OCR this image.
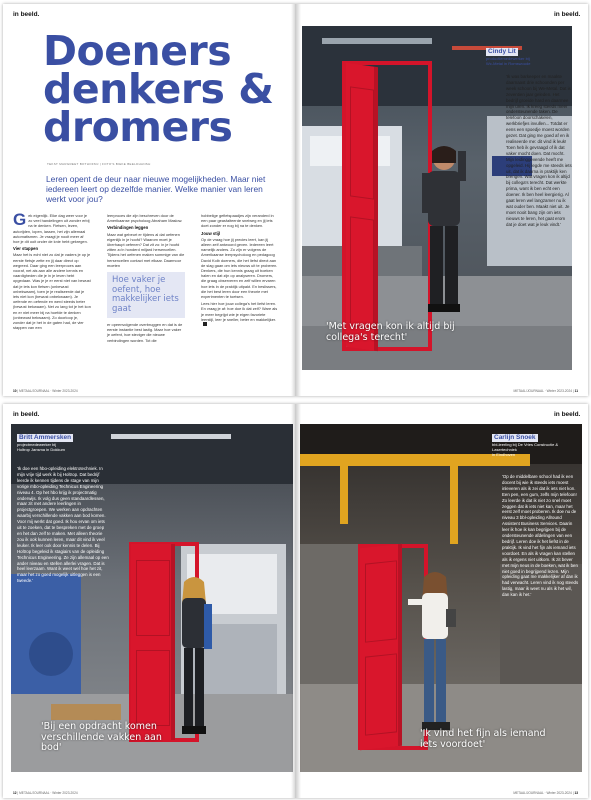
in beeld.
Doeners
denkers &
dromers
TEKST MARGREET BOTHOFMJ | FOTO'S BIEKE BEELDHANSH
Leren opent de deur naar nieuwe mogelijkheden. Maar niet iedereen leert op dezelfde manier. Welke manier van leren werkt voor jou?

Gek eigenlijk. Elke dag weer voor je zo veel handelingen uit zonder erbij na te denken. Fietsen, lezen, autorijden, lopen, lassen, het zijn allemaal automatismen. Je vraagt je nooit meer af hoe je dit ooit onder de knie hebt gekregen.

Vier stappen

Maar het is echt niet zo dat je vaders je op je eerste fietsje zette en jij daar direct op wegreed. Daar ging een leerproces aan vooraf, net als aan alle andere kennis en vaardigheden die je in je leven hebt opgedaan. Was je je er eerst niet van bewust dat je iets kon fietsen (onbewust onbekwaam), toen je je realiseerde dat je iets niet kon (bewust onbekwaam). Je oefende en oefende en werd steeds beter (bewust bekwaam). Net zo lang tot je het kon en er niet meer bij na hoefde te denken (onbewust bekwaam). Zo doorloop je, zonder dat je het in de gaten had, de vier stappen van een

leerproces die zijn beschreven door de Amerikaanse psycholoog Abraham Maslow.

Verbindingen leggen

Maar wat gebeurt er tijdens al dat oefenen eigenlijk in je hoofd? Waarom moet je überhaupt oefenen? Dat zit zo: in je hoofd zitten zo'n honderd miljard hersencellen. Tijdens het oefenen maken sommige van die hersencellen contact met elkaar. Daarmoor moeten

Hoe vaker je oefent, hoe makkelijker iets gaat

er opeenvolgende overbruggen en dat is de eerste instantie best lastig. Maar hoe vaker je oefent, hoe steviger die nieuwe verbindingen worden. Tot die

hobbelige gefietspaadjes zijn veranderd in een paar geasfalteerde snelweg en jij iets doet zonder er nog bij na te denken.

Jouw stijl

Op de vraag hoe jij precies leert, kan jij alleen zelf antwoord geven. Iedereen leert namelijk anders. Zo zijn er volgens de Amerikaanse leerpsycholoog en pedagoog David Kolb doeners, die het liefst direct aan de slag gaan om iets nieuws uit te proberen. Denkers, die hun kennis graag uit boeken halen en dat zijn op analyseren. Dromers, die graag observeren en zelf willen ervaren hoe iets in de praktijk uitpakt. En beslissers, die het best leren door een theorie met experimenten te toetsen.

Lees hier hoe jouw collega's het liefst leren. En vraag je af: hoe doe ik dat zelf? Ware als je meer begrijpt wie je eigen favoriete leerstijl, leer je sneller, beter en makkelijker.

10 | METAAL/JOURNAAL · Winter 2023-2024
'Met vragen kon ik altijd bij collega's terecht'
in beeld.
Cindy Lit
productiemedewerker bij
Wc-Metal in Romswoude
'Ik was barkeeper en maakte daarnaast drie schoonden per week schoon bij We-Metal. Dat is zeventien jaar geleden. Het bedrijf groeide hard en daarmee mijn uren. Ik kreeg steeds meer ondersteunende taken. De telefoon doorschakelen, werkbriefjes invullen... Totdat er eens een spoedje moest worden gezet. Dat ging me goed af en ik realiseerde me: dit vind ik leuk! Toen heb ik gevraagd of ik dat vaker mocht doen. Dat mocht. Mijn leidinggevende heeft me opgeleid. Hij legde me steeds iets uit, dat ik daarna in praktijk ken brengen. Wat vragen kon ik altijd bij collega's terecht. Dat werkte prima, want ik ben echt een doener. Ik ben heel leergierig. Al gaat leren wel langzamer nu ik wat ouder ben. Maakt niet uit. Je moet nooit bang zijn om iets nieuws te leren, het gaat erom dat je doet wat je leuk vindt.'
METAAL/JOURNAAL · Winter 2023-2024 | 11
in beeld.
'Bij een opdracht komen verschillende vakken aan bod'
Britt Ammersken
projectmedewerker bij
Holtrop Jansma in Dokkum
'Ik doe een hbo-opleiding elektrotechniek. In mijn vrije tijd werk ik bij Holtrop. Dat bedrijf leerde ik kennen tijdens de stage van mijn vorige mbo-opleiding Technicus Engineering niveau 4. Op het hbo krijg ik projectmatig onderwijs. Ik volg dus geen standaardlessen, maar zit met andere leerlingen in projectgroepen. We werken aan opdrachten waarbij verschillende vakken aan bod komen. Voor mij werkt dat goed. Ik hou ervan om iets uit te zoeken, dat te bespreken met de groep en het dan zelf te maken. Met alleen theorie zou ik ook kunnen leren, maar dit vind ik veel leuker. Ik leer ook door kennis te delen. Bij Holtrop begeleid ik stagiairs van de opleiding Technicus Engineering. Ze zijn allemaal op een ander niveau en stellen allerlei vragen. Dat is heel leerzaam. Want ik weet wel hoe het zit, maar het zo goed mogelijk uitleggen is een tweede.'
12 | METAAL/JOURNAAL · Winter 2023-2024
in beeld.
'Ik vind het fijn als iemand iets voordoet'
Carlijn Snoek
bbl-leerling bij De Vries Constructie & Lasertechniek
in Eindhoven
'Op de middelbare school had ik een docent bij wie ik steeds iets moest inleveren als ik zei dat ik iets niet kon. Een pen, een gum, zelfs mijn telefoon! Zo leerde ik dat ik niet zo snel moet zeggen dat ik iets niet kan, maar het eerst zelf moet proberen. Ik doe nu de niveau 3 bbl-opleiding Allround Assistent Business Services. Daarin leer ik hoe ik kan begrijpen bij de ondersteunende afdelingen van een bedrijf. Leren doe ik het liefst in de praktijk. Ik vind het fijn als iemand iets voordoet. En als ik vragen kan stellen als ik ergens niet uitkom. Ik zit bever met mijn neus in de boeken, wat ik ben niet goed in begrijpend lezen. Mijn opleiding gaat me makkelijker af dan ik had verwacht. Leren vind ik nog steeds lastig, maar ik weet nu als ik het wil, dan kan ik het.'
METAAL/JOURNAAL · Winter 2023-2024 | 13
